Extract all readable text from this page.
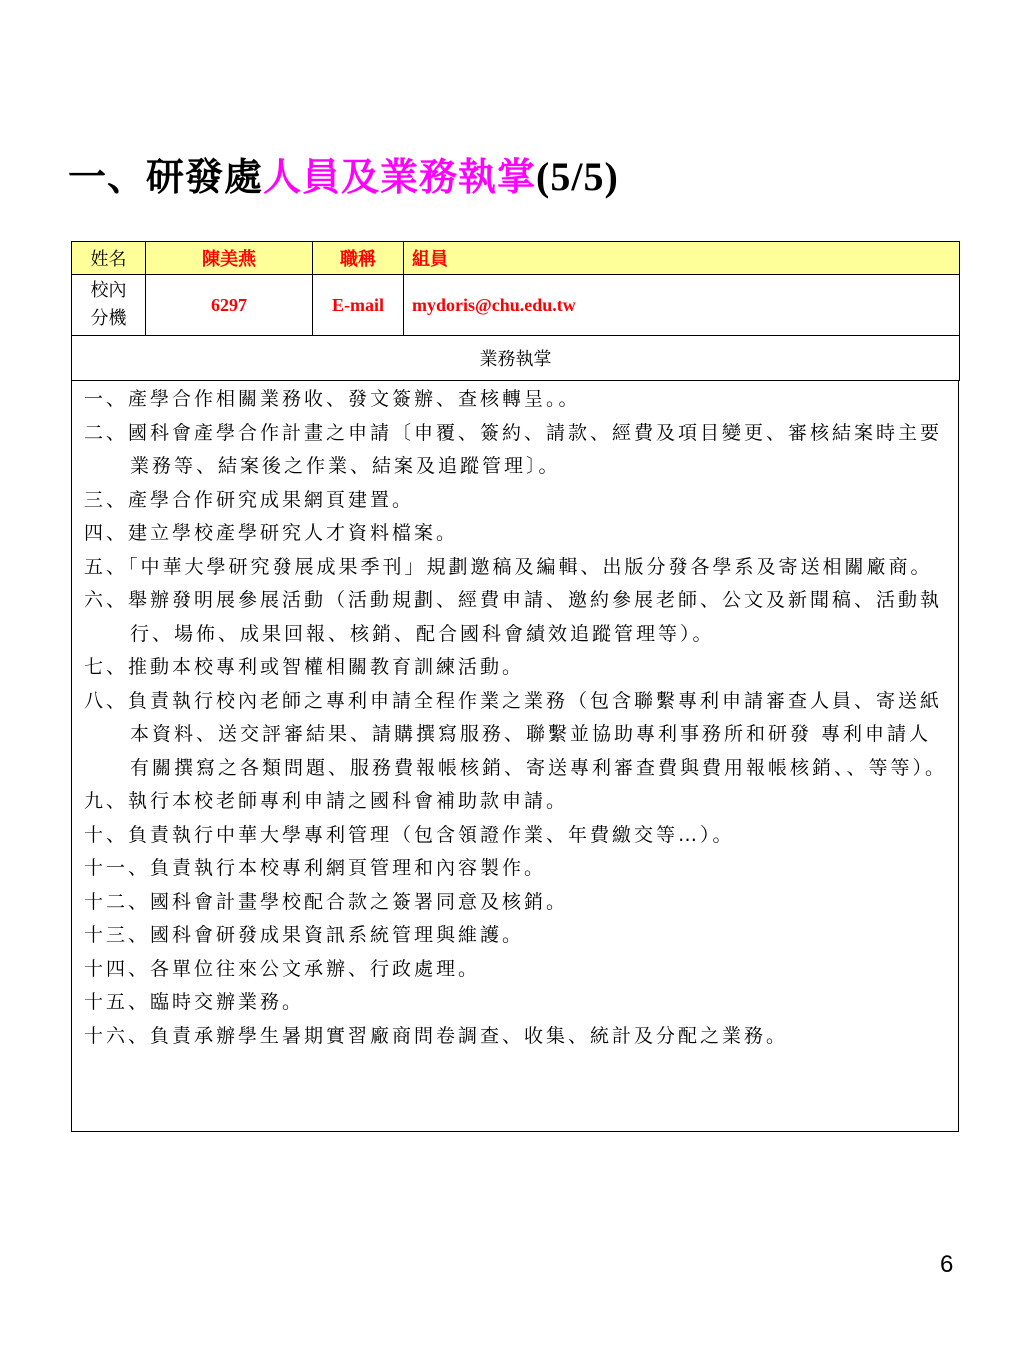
一、研發處人員及業務執掌(5/5)
姓名	陳美燕	職稱	組員

校內
分機	6297	E-mail	mydoris@chu.edu.tw
業務執掌			
一、產學合作相關業務收、發文簽辦、查核轉呈。。
二、國科會產學合作計畫之申請〔申覆、簽約、請款、經費及項目變更、審核結案時主要業務等、結案後之作業、結案及追蹤管理〕。
三、產學合作研究成果網頁建置。
四、建立學校產學研究人才資料檔案。
五、「中華大學研究發展成果季刊」規劃邀稿及編輯、出版分發各學系及寄送相關廠商。
六、舉辦發明展參展活動（活動規劃、經費申請、邀約參展老師、公文及新聞稿、活動執行、場佈、成果回報、核銷、配合國科會績效追蹤管理等）。
七、推動本校專利或智權相關教育訓練活動。
八、負責執行校內老師之專利申請全程作業之業務（包含聯繫專利申請審查人員、寄送紙本資料、送交評審結果、請購撰寫服務、聯繫並協助專利事務所和研發 專利申請人有關撰寫之各類問題、服務費報帳核銷、寄送專利審查費與費用報帳核銷、、等等）。
九、執行本校老師專利申請之國科會補助款申請。
十、負責執行中華大學專利管理（包含領證作業、年費繳交等…）。
十一、負責執行本校專利網頁管理和內容製作。
十二、國科會計畫學校配合款之簽署同意及核銷。
十三、國科會研發成果資訊系統管理與維護。
十四、各單位往來公文承辦、行政處理。
十五、臨時交辦業務。
十六、負責承辦學生暑期實習廠商問卷調查、收集、統計及分配之業務。
6
